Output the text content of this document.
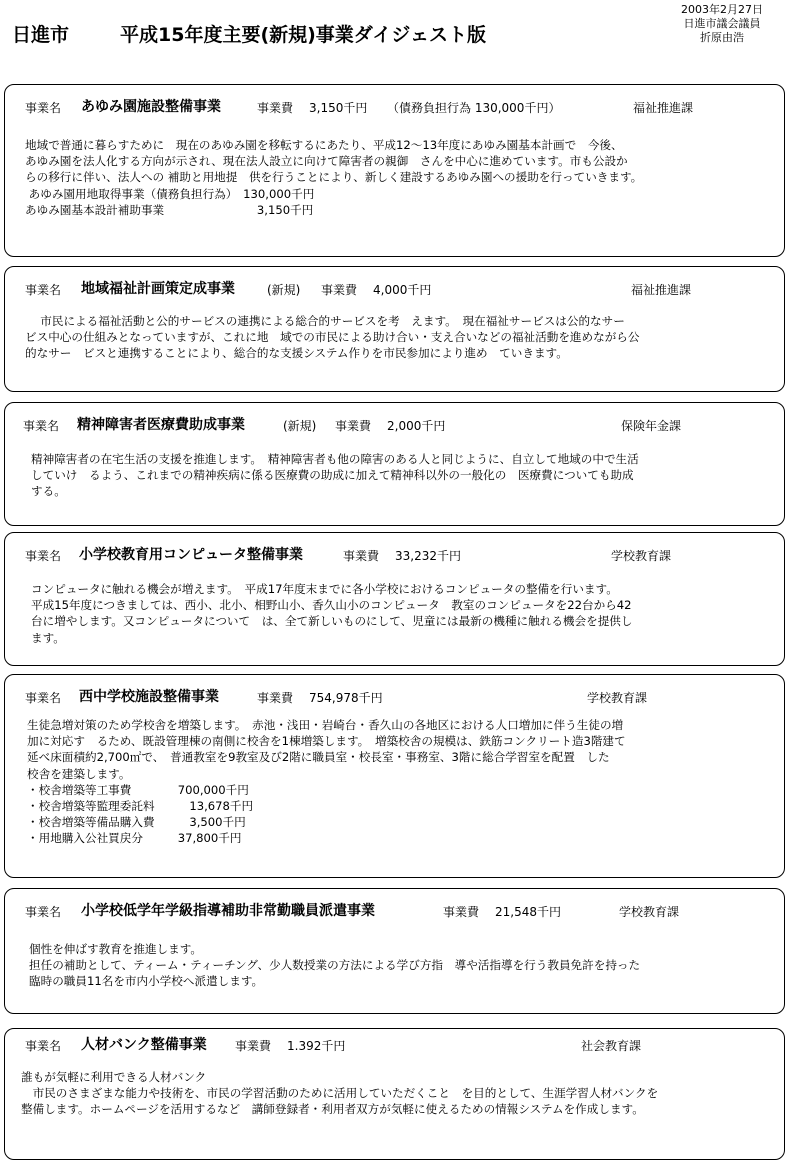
日進市	平成15年度主要(新規)事業ダイジェスト版
2003年2月27日
日進市議会議員
折原由浩
事業名 あゆみ園施設整備事業	事業費 3,150千円 （債務負担行為 130,000千円）	福祉推進課
地域で普通に暮らすために　現在のあゆみ園を移転するにあたり、平成12～13年度にあゆみ園基本計画で　今後、
あゆみ園を法人化する方向が示され、現在法人設立に向けて障害者の親御　さんを中心に進めています。市も公設か
らの移行に伴い、法人への 補助と用地提　供を行うことにより、新しく建設するあゆみ園への援助を行っていきます。
あゆみ園用地取得事業（債務負担行為）　130,000千円
あゆみ園基本設計補助事業　　　　　　　　3,150千円
事業名 地域福祉計画策定成事業	(新規) 事業費 4,000千円	福祉推進課
　 市民による福祉活動と公的サービスの連携による総合的サービスを考　えます。　現在福祉サービスは公的なサー
ビス中心の仕組みとなっていますが、これに地　域での市民による助け合い・支え合いなどの福祉活動を進めながら公
的なサー　ビスと連携することにより、総合的な支援システム作りを市民参加により進め　ていきます。
事業名 精神障害者医療費助成事業	(新規) 事業費 2,000千円	保険年金課
精神障害者の在宅生活の支援を推進します。　精神障害者も他の障害のある人と同じように、自立して地域の中で生活
していけ　るよう、これまでの精神疾病に係る医療費の助成に加えて精神科以外の一般化の　医療費についても助成
する。
事業名 小学校教育用コンピュータ整備事業	事業費 33,232千円	学校教育課
コンピュータに触れる機会が増えます。　平成17年度末までに各小学校におけるコンピュータの整備を行います。
平成15年度につきましては、西小、北小、相野山小、香久山小のコンピュータ　教室のコンピュータを22台から42
台に増やします。又コンピュータについて　は、全て新しいものにして、児童には最新の機種に触れる機会を提供し
ます。
事業名 西中学校施設整備事業	事業費 754,978千円	学校教育課
生徒急増対策のため学校舎を増築します。　赤池・浅田・岩崎台・香久山の各地区における人口増加に伴う生徒の増
加に対応す　るため、既設管理棟の南側に校舎を1棟増築します。　増築校舎の規模は、鉄筋コンクリート造3階建て
延べ床面積約2,700㎡で、　普通教室を9教室及び2階に職員室・校長室・事務室、3階に総合学習室を配置　した
校舎を建築します。
・校舎増築等工事費　　　　700,000千円
・校舎増築等監理委託料　　　13,678千円
・校舎増築等備品購入費　　　3,500千円
・用地購入公社買戻分　　　37,800千円
事業名 小学校低学年学級指導補助非常勤職員派遣事業	事業費 21,548千円	学校教育課
個性を伸ばす教育を推進します。
担任の補助として、ティーム・ティーチング、少人数授業の方法による学び方指　導や活指導を行う教員免許を持った
臨時の職員11名を市内小学校へ派遣します。
事業名 人材バンク整備事業 事業費 1.392千円	社会教育課
誰もが気軽に利用できる人材バンク
　市民のさまざまな能力や技術を、市民の学習活動のために活用していただくこと　を目的として、生涯学習人材バンクを
整備します。ホームページを活用するなど　講師登録者・利用者双方が気軽に使えるための情報システムを作成します。
